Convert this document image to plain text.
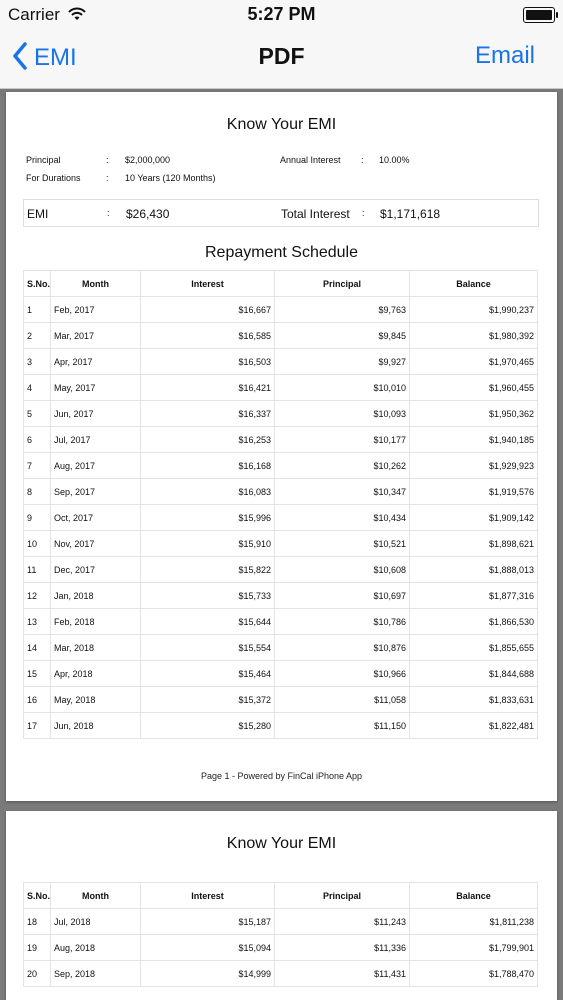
Carrier	5:27 PM
EMI	PDF	Email
Know Your EMI
Principal	: $2,000,000	Annual Interest : 10.00%
For Durations	: 10 Years (120 Months)
EMI	: $26,430	Total Interest : $1,171,618
Repayment Schedule
S.No.	Month	Interest	Principal	Balance
1	Feb, 2017	$16,667	$9,763	$1,990,237
2	Mar, 2017	$16,585	$9,845	$1,980,392
3	Apr, 2017	$16,503	$9,927	$1,970,465
4	May, 2017	$16,421	$10,010	$1,960,455
5	Jun, 2017	$16,337	$10,093	$1,950,362
6	Jul, 2017	$16,253	$10,177	$1,940,185
7	Aug, 2017	$16,168	$10,262	$1,929,923
8	Sep, 2017	$16,083	$10,347	$1,919,576
9	Oct, 2017	$15,996	$10,434	$1,909,142
10	Nov, 2017	$15,910	$10,521	$1,898,621
11	Dec, 2017	$15,822	$10,608	$1,888,013
12	Jan, 2018	$15,733	$10,697	$1,877,316
13	Feb, 2018	$15,644	$10,786	$1,866,530
14	Mar, 2018	$15,554	$10,876	$1,855,655
15	Apr, 2018	$15,464	$10,966	$1,844,688
16	May, 2018	$15,372	$11,058	$1,833,631
17	Jun, 2018	$15,280	$11,150	$1,822,481
Page 1 - Powered by FinCal iPhone App
Know Your EMI
S.No.	Month	Interest	Principal	Balance
18	Jul, 2018	$15,187	$11,243	$1,811,238
19	Aug, 2018	$15,094	$11,336	$1,799,901
20	Sep, 2018	$14,999	$11,431	$1,788,470
